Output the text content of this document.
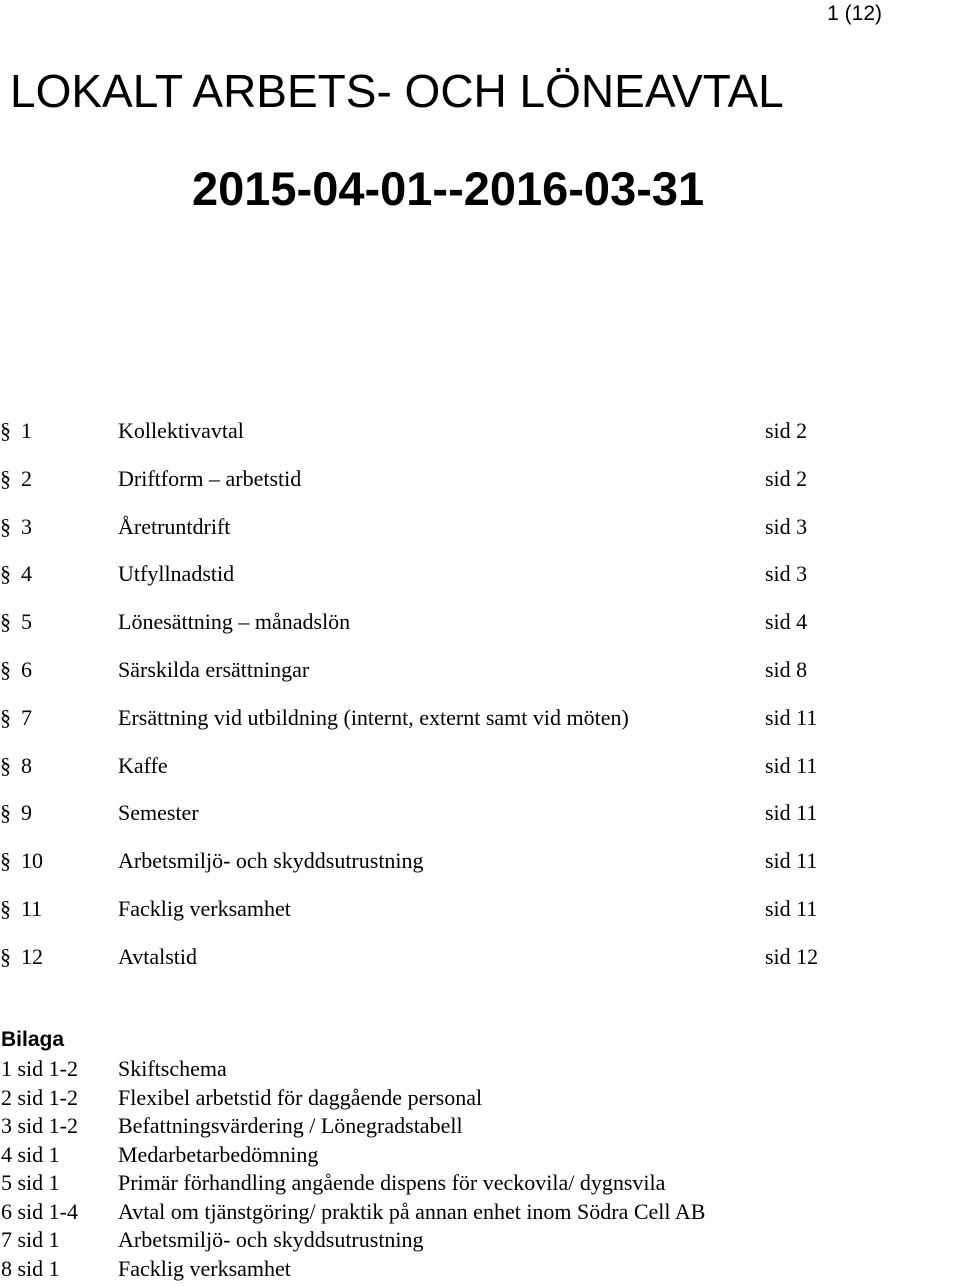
1 (12)
LOKALT ARBETS- OCH LÖNEAVTAL
2015-04-01--2016-03-31
§ 1	Kollektivavtal	sid 2
§ 2	Driftform – arbetstid	sid 2
§ 3	Åretruntdrift	sid 3
§ 4	Utfyllnadstid	sid 3
§ 5	Lönesättning – månadslön	sid 4
§ 6	Särskilda ersättningar	sid 8
§ 7	Ersättning vid utbildning (internt, externt samt vid möten)	sid 11
§ 8	Kaffe	sid 11
§ 9	Semester	sid 11
§ 10	Arbetsmiljö- och skyddsutrustning	sid 11
§ 11	Facklig verksamhet	sid 11
§ 12	Avtalstid	sid 12
Bilaga
1 sid 1-2 Skiftschema
2 sid 1-2 Flexibel arbetstid för daggående personal
3 sid 1-2 Befattningsvärdering / Lönegradstabell
4 sid 1	Medarbetarbedömning
5 sid 1	Primär förhandling angående dispens för veckovila/ dygnsvila
6 sid 1-4 Avtal om tjänstgöring/ praktik på annan enhet inom Södra Cell AB
7 sid 1	Arbetsmiljö- och skyddsutrustning
8 sid 1	Facklig verksamhet
